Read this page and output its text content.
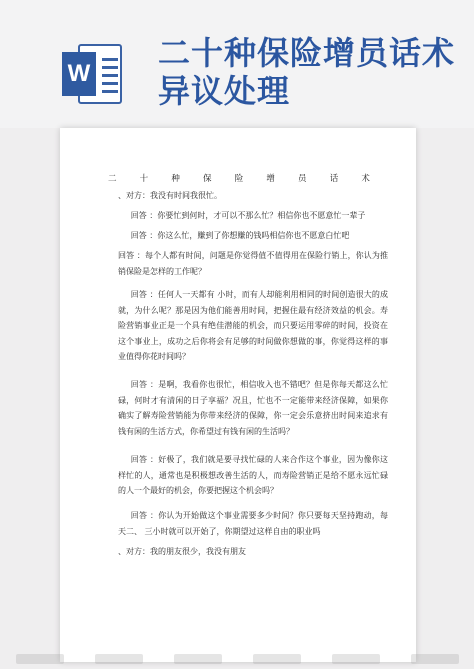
W
二十种保险增员话术异议处理
二	十	种	保	险	增	员	话	术

、对方：我没有时间我很忙。

回答 ：你要忙到何时，才可以不那么忙？相信你也不愿意忙一辈子

回答 ：你这么忙，赚到了你想赚的钱吗相信你也不愿意白忙吧

回答 ：每个人都有时间，问题是你觉得值不值得用在保险行销上，你认为推销保险是怎样的工作呢？

回答 ：任何人一天都有 小时，而有人却能利用相同的时间创造很大的成就，为什么呢？那是因为他们能善用时间，把握住最有经济效益的机会。寿险营销事业正是一个具有绝佳潜能的机会，而只要运用零碎的时间，投资在这个事业上，成功之后你将会有足够的时间做你想做的事，你觉得这样的事业值得你花时间吗？

回答 ：是啊，我看你也很忙，相信收入也不错吧？但是你每天都这么忙碌，何时才有清闲的日子享福？况且，忙也不一定能带来经济保障，如果你确实了解寿险营销能为你带来经济的保障，你一定会乐意挤出时间来追求有钱有闲的生活方式，你希望过有钱有闲的生活吗？

回答 ：好极了，我们就是要寻找忙碌的人来合作这个事业，因为像你这样忙的人，通常也是积极想改善生活的人，而寿险营销正是给不愿永远忙碌的人一个最好的机会，你要把握这个机会吗？

回答 ：你认为开始做这个事业需要多少时间？你只要每天坚持跑动，每天二、 三小时就可以开始了，你期望过这样自由的职业吗

、对方：我的朋友很少，我没有朋友
